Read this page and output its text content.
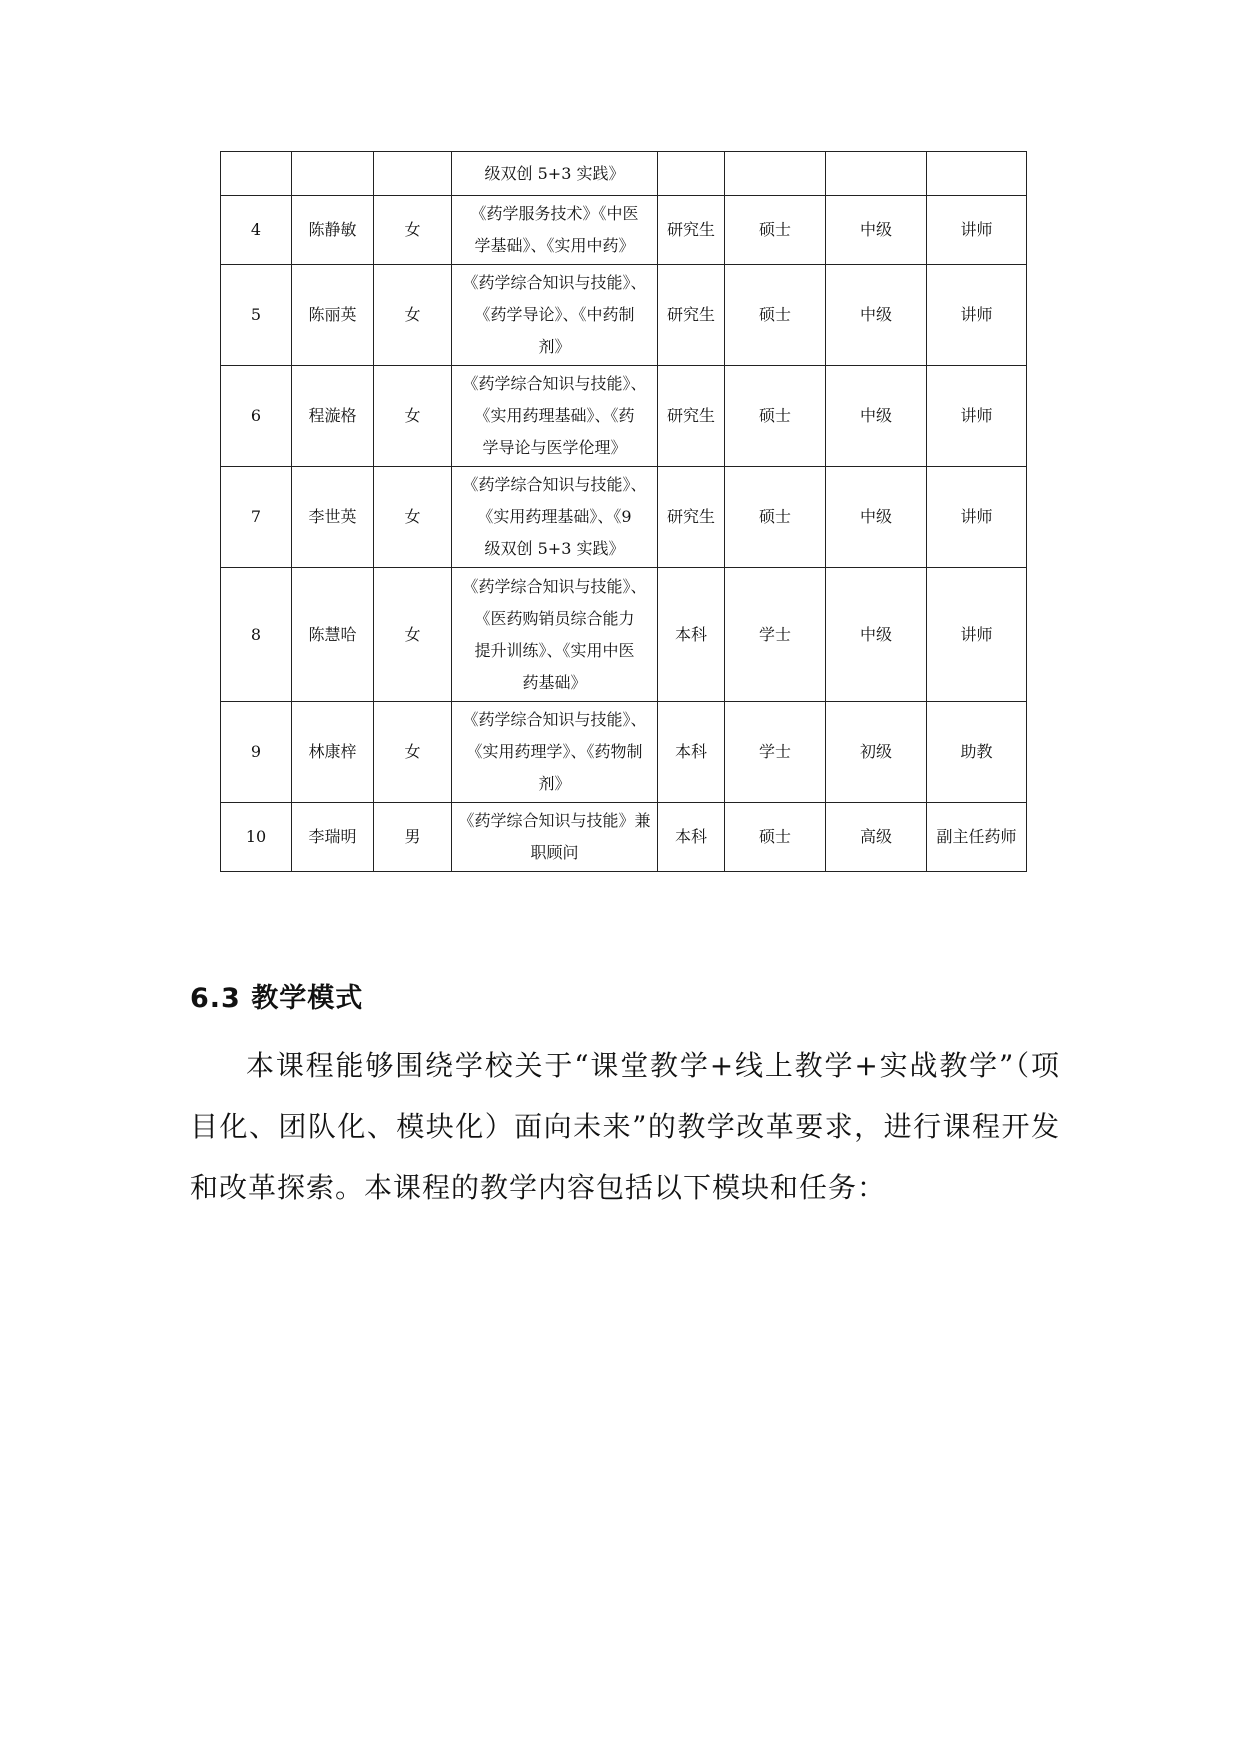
			级双创 5+3 实践》				

4	陈静敏	女	《药学服务技术》《中医
学基础》、《实用中药》	研究生	硕士	中级	讲师
5	陈丽英	女	《药学综合知识与技能》、
《药学导论》、《中药制
剂》	研究生	硕士	中级	讲师
6	程漩格	女	《药学综合知识与技能》、
《实用药理基础》、《药
学导论与医学伦理》	研究生	硕士	中级	讲师
7	李世英	女	《药学综合知识与技能》、
《实用药理基础》、《9
级双创 5+3 实践》	研究生	硕士	中级	讲师
8	陈慧哈	女	《药学综合知识与技能》、
《医药购销员综合能力
提升训练》、《实用中医
药基础》	本科	学士	中级	讲师
9	林康梓	女	《药学综合知识与技能》、
《实用药理学》、《药物制
剂》	本科	学士	初级	助教
10	李瑞明	男	《药学综合知识与技能》兼
职顾问	本科	硕士	高级	副主任药师
6.3 教学模式

本课程能够围绕学校关于“课堂教学+线上教学+实战教学”（项目化、团队化、模块化）面向未来”的教学改革要求，进行课程开发和改革探索。本课程的教学内容包括以下模块和任务：
